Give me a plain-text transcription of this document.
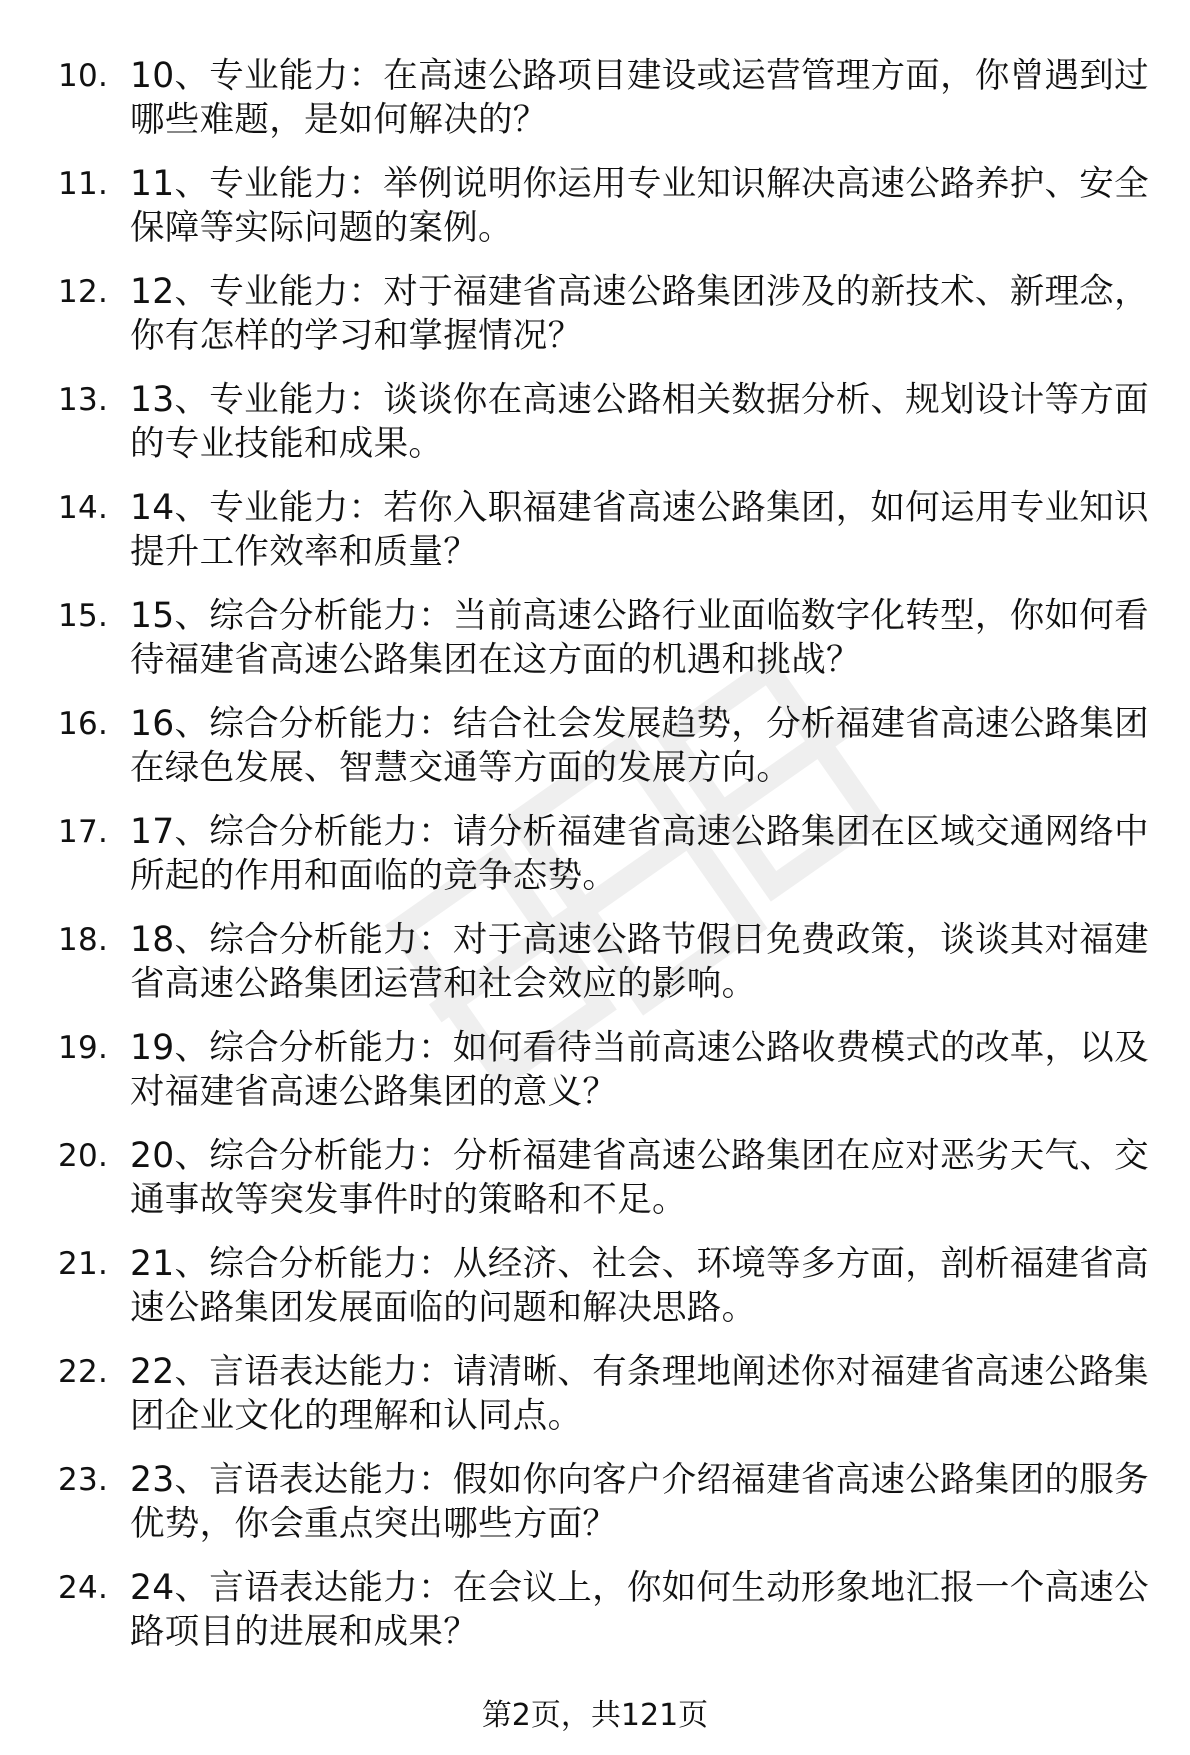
10. 10、专业能力：在高速公路项目建设或运营管理方面，你曾遇到过哪些难题，是如何解决的？
11. 11、专业能力：举例说明你运用专业知识解决高速公路养护、安全保障等实际问题的案例。
12. 12、专业能力：对于福建省高速公路集团涉及的新技术、新理念，你有怎样的学习和掌握情况？
13. 13、专业能力：谈谈你在高速公路相关数据分析、规划设计等方面的专业技能和成果。
14. 14、专业能力：若你入职福建省高速公路集团，如何运用专业知识提升工作效率和质量？
15. 15、综合分析能力：当前高速公路行业面临数字化转型，你如何看待福建省高速公路集团在这方面的机遇和挑战？
16. 16、综合分析能力：结合社会发展趋势，分析福建省高速公路集团在绿色发展、智慧交通等方面的发展方向。
17. 17、综合分析能力：请分析福建省高速公路集团在区域交通网络中所起的作用和面临的竞争态势。
18. 18、综合分析能力：对于高速公路节假日免费政策，谈谈其对福建省高速公路集团运营和社会效应的影响。
19. 19、综合分析能力：如何看待当前高速公路收费模式的改革，以及对福建省高速公路集团的意义？
20. 20、综合分析能力：分析福建省高速公路集团在应对恶劣天气、交通事故等突发事件时的策略和不足。
21. 21、综合分析能力：从经济、社会、环境等多方面，剖析福建省高速公路集团发展面临的问题和解决思路。
22. 22、言语表达能力：请清晰、有条理地阐述你对福建省高速公路集团企业文化的理解和认同点。
23. 23、言语表达能力：假如你向客户介绍福建省高速公路集团的服务优势，你会重点突出哪些方面？
24. 24、言语表达能力：在会议上，你如何生动形象地汇报一个高速公路项目的进展和成果？
第2页，共121页
